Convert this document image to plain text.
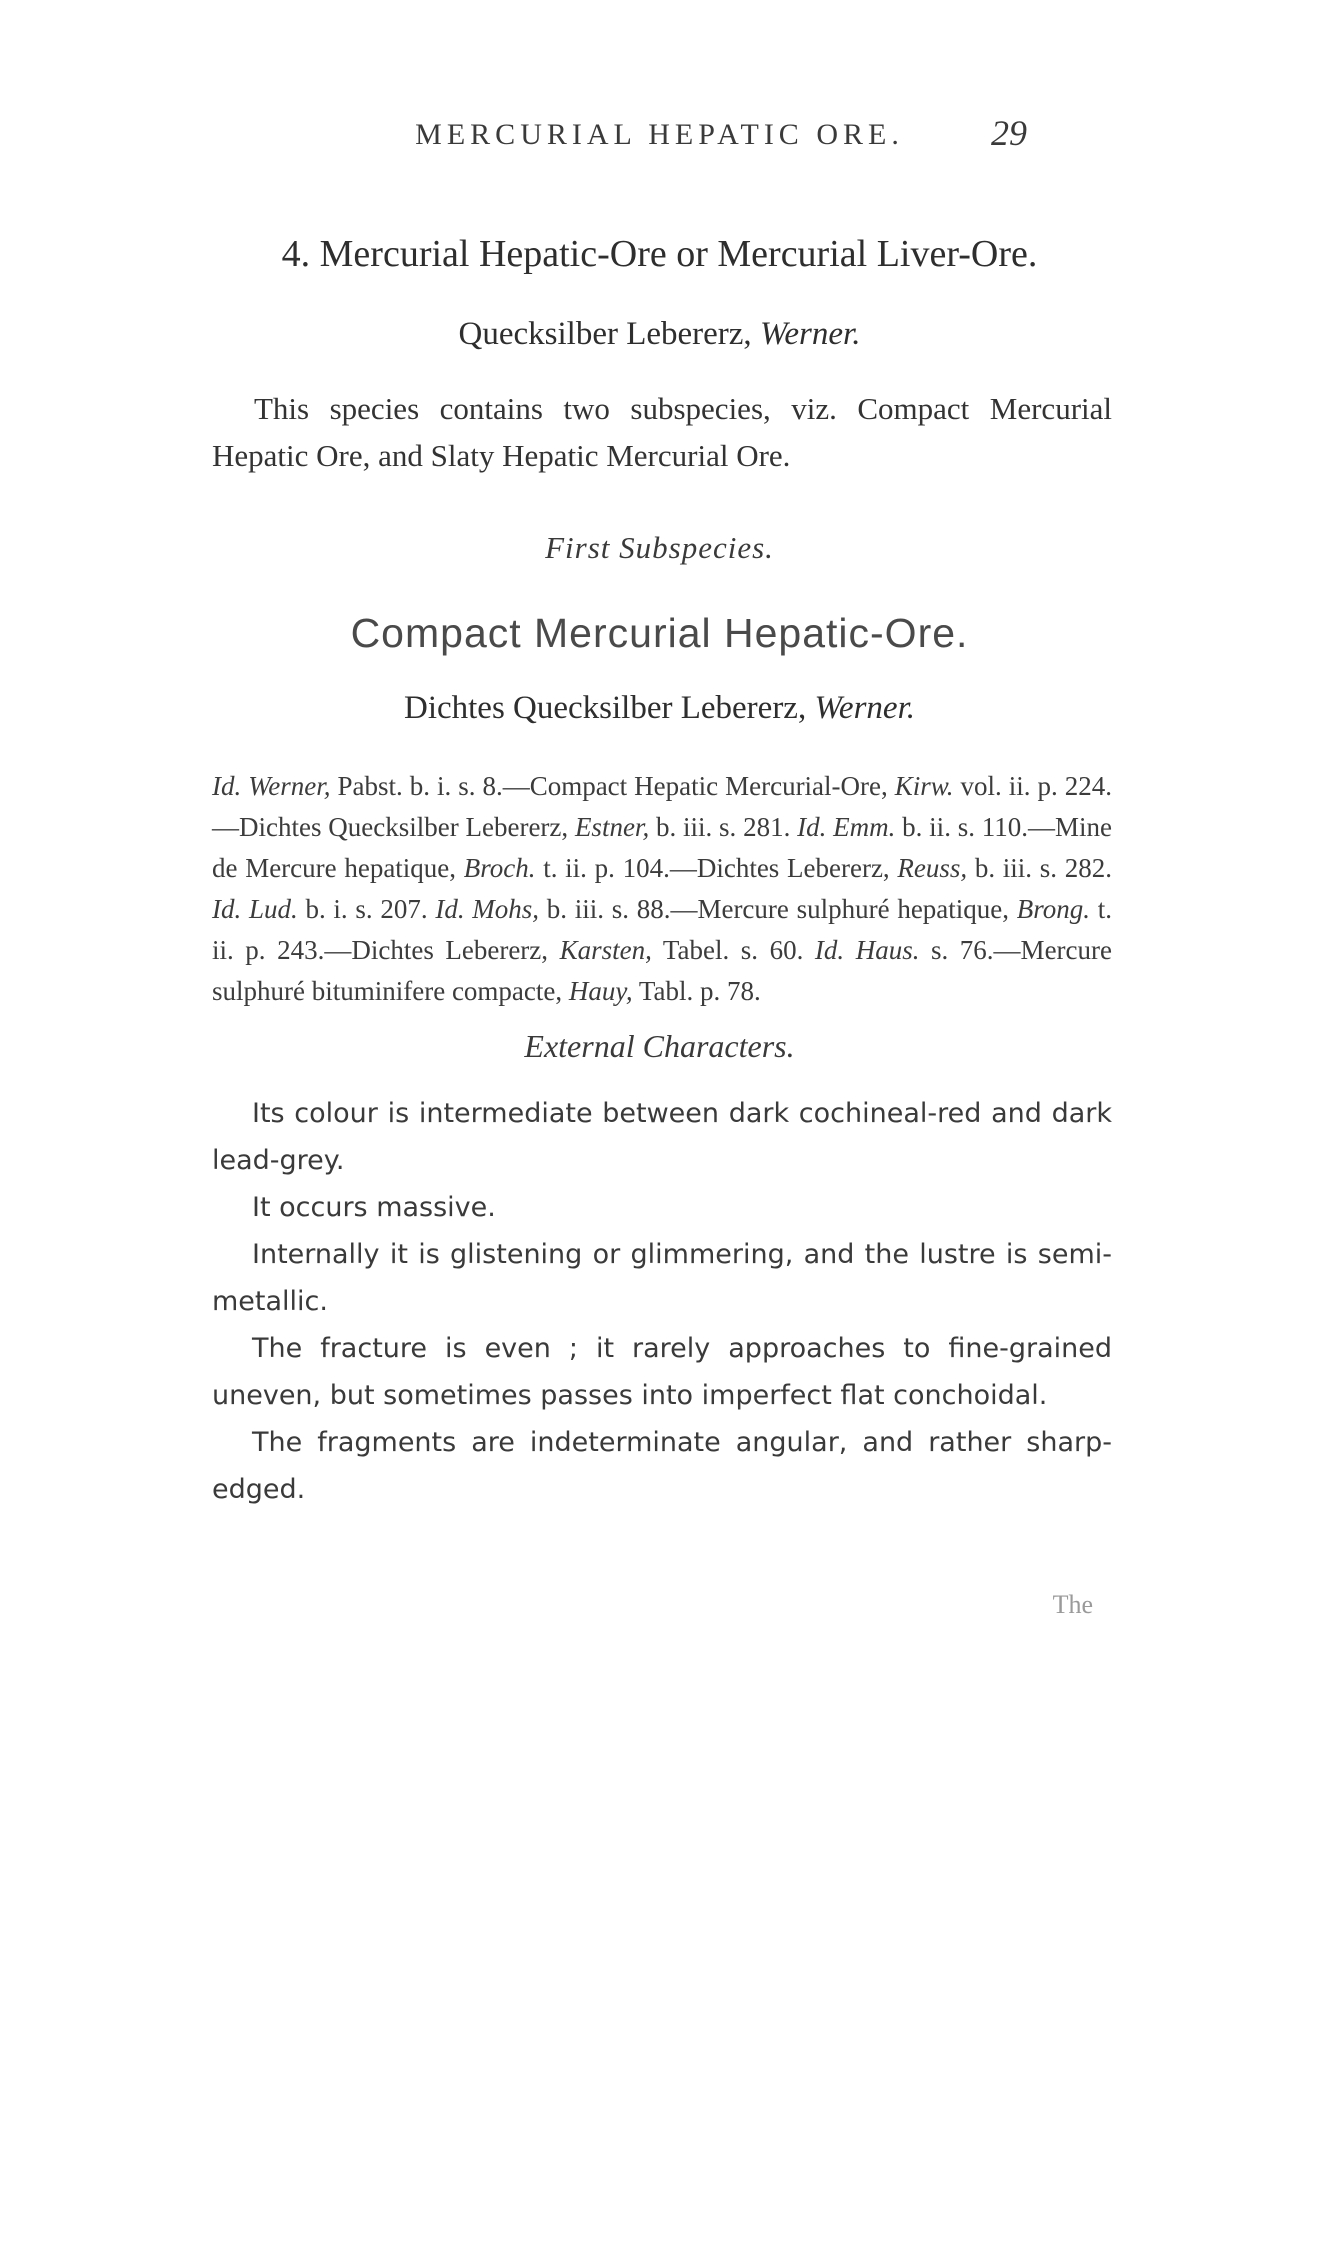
MERCURIAL HEPATIC ORE.	29
4. Mercurial Hepatic-Ore or Mercurial Liver-Ore.
Quecksilber Lebererz, Werner.
This species contains two subspecies, viz. Compact Mercurial Hepatic Ore, and Slaty Hepatic Mercurial Ore.
First Subspecies.
Compact Mercurial Hepatic-Ore.
Dichtes Quecksilber Lebererz, Werner.
Id. Werner, Pabst. b. i. s. 8.—Compact Hepatic Mercurial-Ore, Kirw. vol. ii. p. 224.—Dichtes Quecksilber Lebererz, Estner, b. iii. s. 281. Id. Emm. b. ii. s. 110.—Mine de Mercure hepatique, Broch. t. ii. p. 104.—Dichtes Lebererz, Reuss, b. iii. s. 282. Id. Lud. b. i. s. 207. Id. Mohs, b. iii. s. 88.—Mercure sulphuré hepatique, Brong. t. ii. p. 243.—Dichtes Lebererz, Karsten, Tabel. s. 60. Id. Haus. s. 76.—Mercure sulphuré bituminifere compacte, Hauy, Tabl. p. 78.
External Characters.

Its colour is intermediate between dark cochineal-red and dark lead-grey.

It occurs massive.

Internally it is glistening or glimmering, and the lustre is semi-metallic.

The fracture is even ; it rarely approaches to fine-grained uneven, but sometimes passes into imperfect flat conchoidal.

The fragments are indeterminate angular, and rather sharp-edged.

The
